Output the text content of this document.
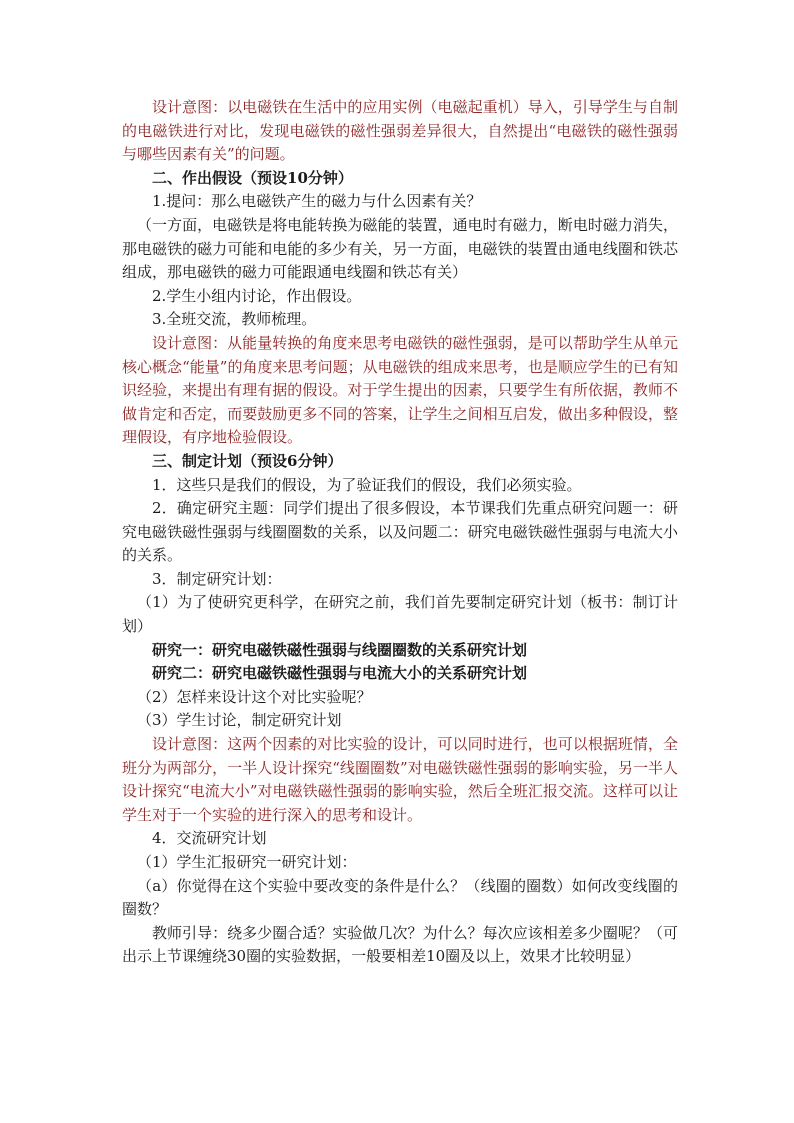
设计意图：以电磁铁在生活中的应用实例（电磁起重机）导入，引导学生与自制的电磁铁进行对比，发现电磁铁的磁性强弱差异很大，自然提出“电磁铁的磁性强弱与哪些因素有关”的问题。

二、作出假设（预设10分钟）

1.提问：那么电磁铁产生的磁力与什么因素有关？

（一方面，电磁铁是将电能转换为磁能的装置，通电时有磁力，断电时磁力消失，那电磁铁的磁力可能和电能的多少有关，另一方面，电磁铁的装置由通电线圈和铁芯组成，那电磁铁的磁力可能跟通电线圈和铁芯有关）

2.学生小组内讨论，作出假设。

3.全班交流，教师梳理。

设计意图：从能量转换的角度来思考电磁铁的磁性强弱，是可以帮助学生从单元核心概念“能量”的角度来思考问题；从电磁铁的组成来思考，也是顺应学生的已有知识经验，来提出有理有据的假设。对于学生提出的因素，只要学生有所依据，教师不做肯定和否定，而要鼓励更多不同的答案，让学生之间相互启发，做出多种假设，整理假设，有序地检验假设。

三、制定计划（预设6分钟）

1．这些只是我们的假设，为了验证我们的假设，我们必须实验。

2．确定研究主题：同学们提出了很多假设，本节课我们先重点研究问题一：研究电磁铁磁性强弱与线圈圈数的关系，以及问题二：研究电磁铁磁性强弱与电流大小的关系。

3．制定研究计划：

（1）为了使研究更科学，在研究之前，我们首先要制定研究计划（板书：制订计划）

研究一：研究电磁铁磁性强弱与线圈圈数的关系研究计划

研究二：研究电磁铁磁性强弱与电流大小的关系研究计划

（2）怎样来设计这个对比实验呢？

（3）学生讨论，制定研究计划

设计意图：这两个因素的对比实验的设计，可以同时进行，也可以根据班情，全班分为两部分，一半人设计探究“线圈圈数”对电磁铁磁性强弱的影响实验，另一半人设计探究“电流大小”对电磁铁磁性强弱的影响实验，然后全班汇报交流。这样可以让学生对于一个实验的进行深入的思考和设计。

4．交流研究计划

（1）学生汇报研究一研究计划：

（a）你觉得在这个实验中要改变的条件是什么？（线圈的圈数）如何改变线圈的圈数？

教师引导：绕多少圈合适？实验做几次？为什么？每次应该相差多少圈呢？（可出示上节课缠绕30圈的实验数据，一般要相差10圈及以上，效果才比较明显）
